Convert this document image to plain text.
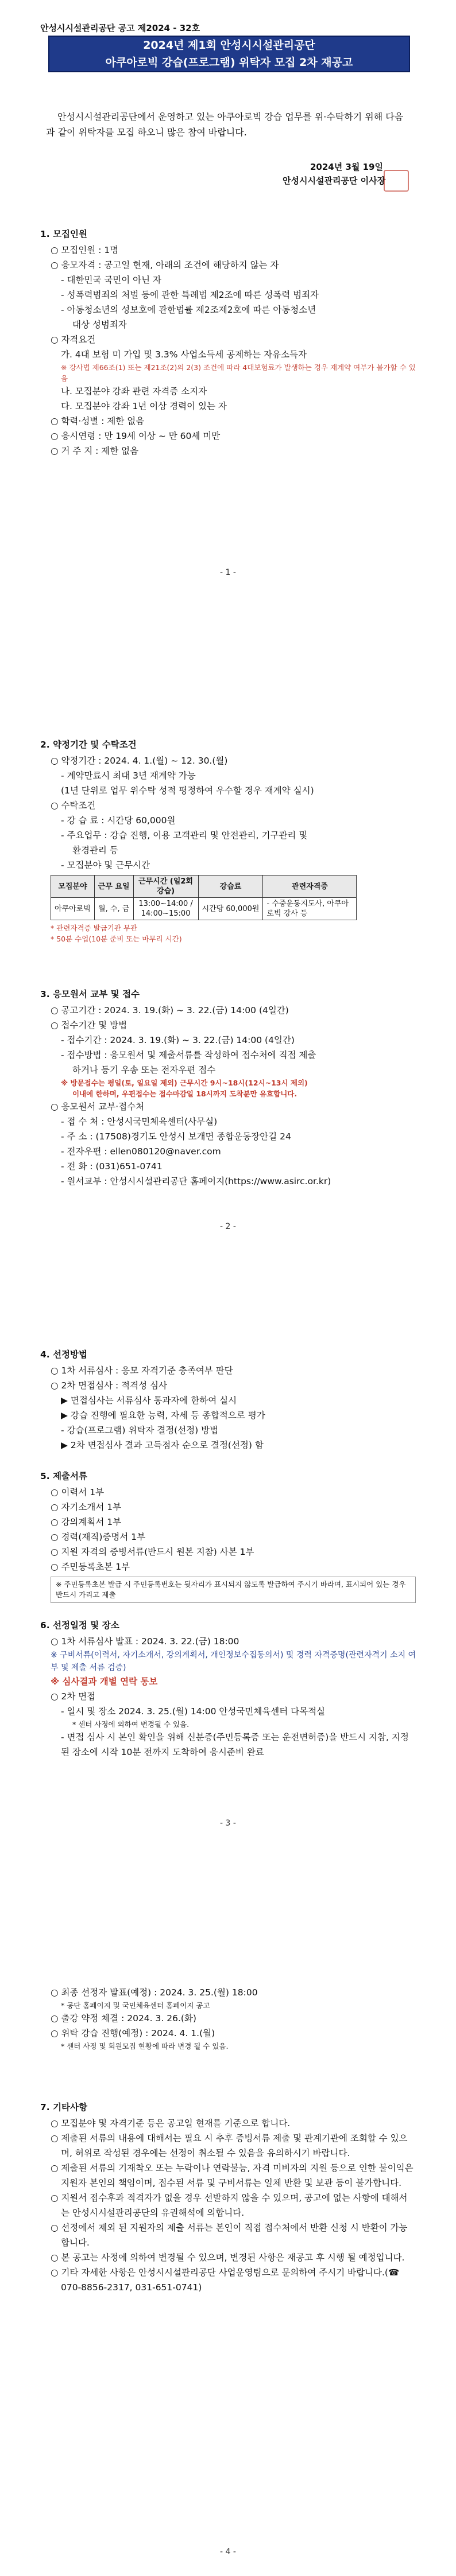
안성시시설관리공단 공고 제2024 - 32호
2024년 제1회 안성시시설관리공단
아쿠아로빅 강습(프로그램) 위탁자 모집 2차 재공고
안성시시설관리공단에서 운영하고 있는 아쿠아로빅 강습 업무를 위·수탁하기 위해 다음과 같이 위탁자를 모집 하오니 많은 참여 바랍니다.
2024년 3월 19일
안성시시설관리공단 이사장
1. 모집인원
○ 모집인원 : 1명
○ 응모자격 : 공고일 현재, 아래의 조건에 해당하지 않는 자
- 대한민국 국민이 아닌 자
- 성폭력범죄의 처벌 등에 관한 특례법 제2조에 따른 성폭력 범죄자
- 아동청소년의 성보호에 관한법률 제2조제2호에 따른 아동청소년
대상 성범죄자
○ 자격요건
가. 4대 보험 미 가입 및 3.3% 사업소득세 공제하는 자유소득자
※ 강사법 제66조(1) 또는 제21조(2)의 2(3) 조건에 따라 4대보험료가 발생하는 경우 재계약 여부가 불가할 수 있음
나. 모집분야 강좌 관련 자격증 소지자
다. 모집분야 강좌 1년 이상 경력이 있는 자
○ 학력·성별 : 제한 없음
○ 응시연령 : 만 19세 이상 ~ 만 60세 미만
○ 거 주 지 : 제한 없음
- 1 -
2. 약정기간 및 수탁조건
○ 약정기간 : 2024. 4. 1.(월) ~ 12. 30.(월)
- 계약만료시 최대 3년 재계약 가능
(1년 단위로 업무 위수탁 성적 평정하여 우수할 경우 재계약 실시)
○ 수탁조건
- 강 습 료 : 시간당 60,000원
- 주요업무 : 강습 진행, 이용 고객관리 및 안전관리, 기구관리 및
환경관리 등
- 모집분야 및 근무시간
모집분야	근무 요일	근무시간 (일2회강습)	강습료	관련자격증
아쿠아로빅	월, 수, 금	13:00~14:00 / 14:00~15:00	시간당 60,000원	- 수중운동지도사, 아쿠아로빅 강사 등
* 관련자격증 발급기관 무관
* 50분 수업(10분 준비 또는 마무리 시간)
3. 응모원서 교부 및 접수
○ 공고기간 : 2024. 3. 19.(화) ~ 3. 22.(금) 14:00 (4일간)
○ 접수기간 및 방법
- 접수기간 : 2024. 3. 19.(화) ~ 3. 22.(금) 14:00 (4일간)
- 접수방법 : 응모원서 및 제출서류를 작성하여 접수처에 직접 제출
하거나 등기 우송 또는 전자우편 접수
※ 방문접수는 평일(토, 일요일 제외) 근무시간 9시~18시(12시~13시 제외)
이내에 한하며, 우편접수는 접수마감일 18시까지 도착분만 유효합니다.
○ 응모원서 교부·접수처
- 접 수 처 : 안성시국민체육센터(사무실)
- 주 소 : (17508)경기도 안성시 보개면 종합운동장안길 24
- 전자우편 : ellen080120@naver.com
- 전 화 : (031)651-0741
- 원서교부 : 안성시시설관리공단 홈페이지(https://www.asirc.or.kr)
- 2 -
4. 선정방법
○ 1차 서류심사 : 응모 자격기준 충족여부 판단
○ 2차 면접심사 : 적격성 심사
▶ 면접심사는 서류심사 통과자에 한하여 실시
▶ 강습 진행에 필요한 능력, 자세 등 종합적으로 평가
- 강습(프로그램) 위탁자 결정(선정) 방법
▶ 2차 면접심사 결과 고득점자 순으로 결정(선정) 함
5. 제출서류
○ 이력서 1부
○ 자기소개서 1부
○ 강의계획서 1부
○ 경력(재직)증명서 1부
○ 지원 자격의 증빙서류(반드시 원본 지참) 사본 1부
○ 주민등록초본 1부
※ 주민등록초본 발급 시 주민등록번호는 뒷자리가 표시되지 않도록 발급하여 주시기 바라며, 표시되어 있는 경우 반드시 가리고 제출
6. 선정일정 및 장소
○ 1차 서류심사 발표 : 2024. 3. 22.(금) 18:00
※ 구비서류(이력서, 자기소개서, 강의계획서, 개인정보수집동의서) 및 경력 자격증명(관련자격기 소지 여부 및 제출 서류 검증)
※ 심사결과 개별 연락 통보
○ 2차 면접
- 일시 및 장소 2024. 3. 25.(월) 14:00 안성국민체육센터 다목적실
* 센터 사정에 의하여 변경될 수 있음.
- 면접 심사 시 본인 확인을 위해 신분증(주민등록증 또는 운전면허증)을 반드시 지참, 지정된 장소에 시작 10분 전까지 도착하여 응시준비 완료
- 3 -
○ 최종 선정자 발표(예정) : 2024. 3. 25.(월) 18:00
* 공단 홈페이지 및 국민체육센터 홈페이지 공고
○ 출강 약정 체결 : 2024. 3. 26.(화)
○ 위탁 강습 진행(예정) : 2024. 4. 1.(월)
* 센터 사정 및 회원모집 현황에 따라 변경 될 수 있음.
7. 기타사항
○ 모집분야 및 자격기준 등은 공고일 현재를 기준으로 합니다.
○ 제출된 서류의 내용에 대해서는 필요 시 추후 증빙서류 제출 및 관계기관에 조회할 수 있으며, 허위로 작성된 경우에는 선정이 취소될 수 있음을 유의하시기 바랍니다.
○ 제출된 서류의 기재착오 또는 누락이나 연락불능, 자격 미비자의 지원 등으로 인한 불이익은 지원자 본인의 책임이며, 접수된 서류 및 구비서류는 일체 반환 및 보관 등이 불가합니다.
○ 지원서 접수후과 적격자가 없을 경우 선발하지 않을 수 있으며, 공고에 없는 사항에 대해서는 안성시시설관리공단의 유권해석에 의합니다.
○ 선정에서 제외 된 지원자의 제출 서류는 본인이 직접 접수처에서 반환 신청 시 반환이 가능합니다.
○ 본 공고는 사정에 의하여 변경될 수 있으며, 변경된 사항은 재공고 후 시행 될 예정입니다.
○ 기타 자세한 사항은 안성시시설관리공단 사업운영팀으로 문의하여 주시기 바랍니다.(☎ 070-8856-2317, 031-651-0741)
- 4 -
